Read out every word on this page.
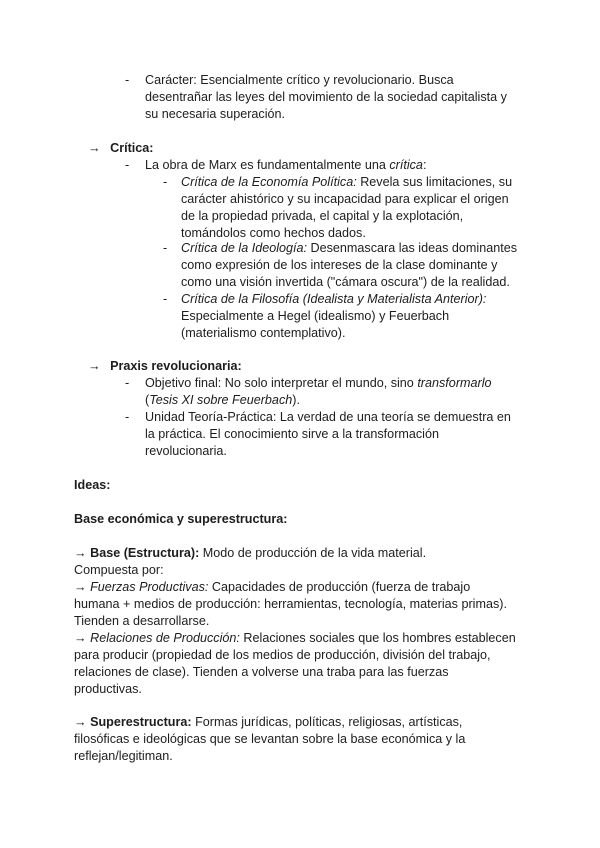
- Carácter: Esencialmente crítico y revolucionario. Busca
desentrañar las leyes del movimiento de la sociedad capitalista y
su necesaria superación.
→ Crítica:
- La obra de Marx es fundamentalmente una crítica:
- Crítica de la Economía Política: Revela sus limitaciones, su
carácter ahistórico y su incapacidad para explicar el origen
de la propiedad privada, el capital y la explotación,
tomándolos como hechos dados.
- Crítica de la Ideología: Desenmascara las ideas dominantes
como expresión de los intereses de la clase dominante y
como una visión invertida ("cámara oscura") de la realidad.
- Crítica de la Filosofía (Idealista y Materialista Anterior):
Especialmente a Hegel (idealismo) y Feuerbach
(materialismo contemplativo).
→ Praxis revolucionaria:
- Objetivo final: No solo interpretar el mundo, sino transformarlo
(Tesis XI sobre Feuerbach).
- Unidad Teoría-Práctica: La verdad de una teoría se demuestra en
la práctica. El conocimiento sirve a la transformación
revolucionaria.
Ideas:
Base económica y superestructura:
→ Base (Estructura): Modo de producción de la vida material.
Compuesta por:
→ Fuerzas Productivas: Capacidades de producción (fuerza de trabajo
humana + medios de producción: herramientas, tecnología, materias primas).
Tienden a desarrollarse.
→ Relaciones de Producción: Relaciones sociales que los hombres establecen
para producir (propiedad de los medios de producción, división del trabajo,
relaciones de clase). Tienden a volverse una traba para las fuerzas
productivas.
→ Superestructura: Formas jurídicas, políticas, religiosas, artísticas,
filosóficas e ideológicas que se levantan sobre la base económica y la
reflejan/legitiman.
